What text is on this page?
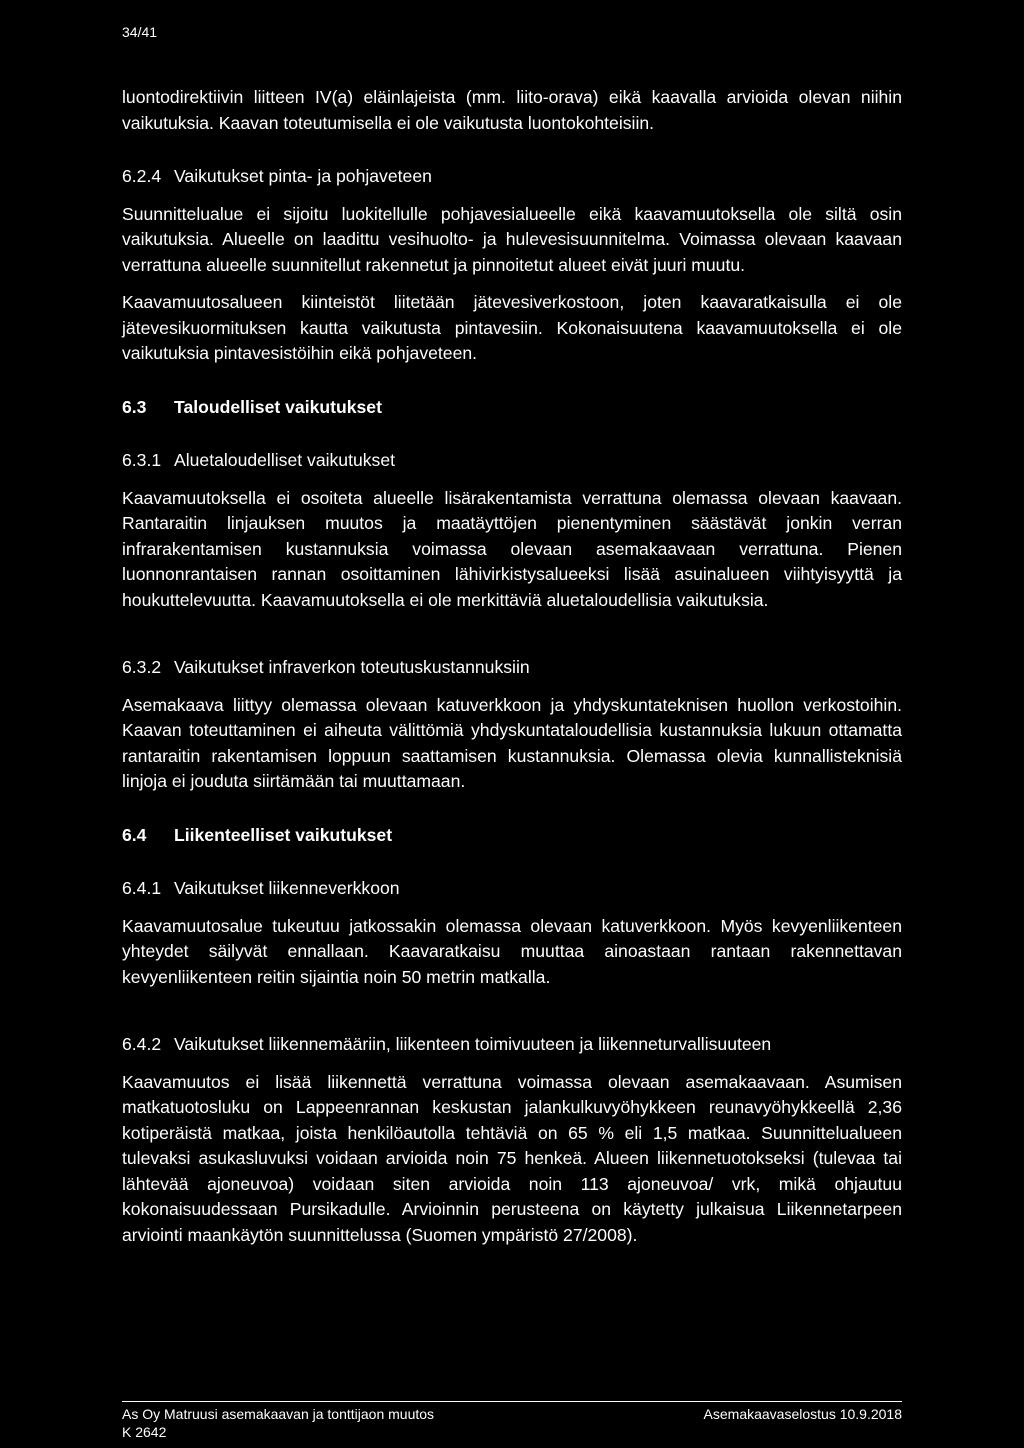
34/41

luontodirektiivin liitteen IV(a) eläinlajeista (mm. liito-orava) eikä kaavalla arvioida olevan niihin vaikutuksia. Kaavan toteutumisella ei ole vaikutusta luontokohteisiin.

6.2.4 Vaikutukset pinta- ja pohjaveteen

Suunnittelualue ei sijoitu luokitellulle pohjavesialueelle eikä kaavamuutoksella ole siltä osin vaikutuksia. Alueelle on laadittu vesihuolto- ja hulevesisuunnitelma. Voimassa olevaan kaavaan verrattuna alueelle suunnitellut rakennetut ja pinnoitetut alueet eivät juuri muutu.

Kaavamuutosalueen kiinteistöt liitetään jätevesiverkostoon, joten kaavaratkaisulla ei ole jätevesikuormituksen kautta vaikutusta pintavesiin. Kokonaisuutena kaavamuutoksella ei ole vaikutuksia pintavesistöihin eikä pohjaveteen.

6.3	Taloudelliset vaikutukset
6.3.1 Aluetaloudelliset vaikutukset

Kaavamuutoksella ei osoiteta alueelle lisärakentamista verrattuna olemassa olevaan kaavaan. Rantaraitin linjauksen muutos ja maatäyttöjen pienentyminen säästävät jonkin verran infrarakentamisen kustannuksia voimassa olevaan asemakaavaan verrattuna. Pienen luonnonrantaisen rannan osoittaminen lähivirkistysalueeksi lisää asuinalueen viihtyisyyttä ja houkuttelevuutta. Kaavamuutoksella ei ole merkittäviä aluetaloudellisia vaikutuksia.

6.3.2 Vaikutukset infraverkon toteutuskustannuksiin

Asemakaava liittyy olemassa olevaan katuverkkoon ja yhdyskuntateknisen huollon verkostoihin. Kaavan toteuttaminen ei aiheuta välittömiä yhdyskuntataloudellisia kustannuksia lukuun ottamatta rantaraitin rakentamisen loppuun saattamisen kustannuksia. Olemassa olevia kunnallisteknisiä linjoja ei jouduta siirtämään tai muuttamaan.

6.4	Liikenteelliset vaikutukset
6.4.1 Vaikutukset liikenneverkkoon

Kaavamuutosalue tukeutuu jatkossakin olemassa olevaan katuverkkoon. Myös kevyenliikenteen yhteydet säilyvät ennallaan. Kaavaratkaisu muuttaa ainoastaan rantaan rakennettavan kevyenliikenteen reitin sijaintia noin 50 metrin matkalla.

6.4.2 Vaikutukset liikennemääriin, liikenteen toimivuuteen ja liikenneturvallisuuteen

Kaavamuutos ei lisää liikennettä verrattuna voimassa olevaan asemakaavaan. Asumisen matkatuotosluku on Lappeenrannan keskustan jalankulkuvyöhykkeen reunavyöhykkeellä 2,36 kotiperäistä matkaa, joista henkilöautolla tehtäviä on 65 % eli 1,5 matkaa. Suunnittelualueen tulevaksi asukasluvuksi voidaan arvioida noin 75 henkeä. Alueen liikennetuotokseksi (tulevaa tai lähtevää ajoneuvoa) voidaan siten arvioida noin 113 ajoneuvoa/ vrk, mikä ohjautuu kokonaisuudessaan Pursikadulle. Arvioinnin perusteena on käytetty julkaisua Liikennetarpeen arviointi maankäytön suunnittelussa (Suomen ympäristö 27/2008).

As Oy Matruusi asemakaavan ja tonttijaon muutos	Asemakaavaselostus 10.9.2018
K 2642
